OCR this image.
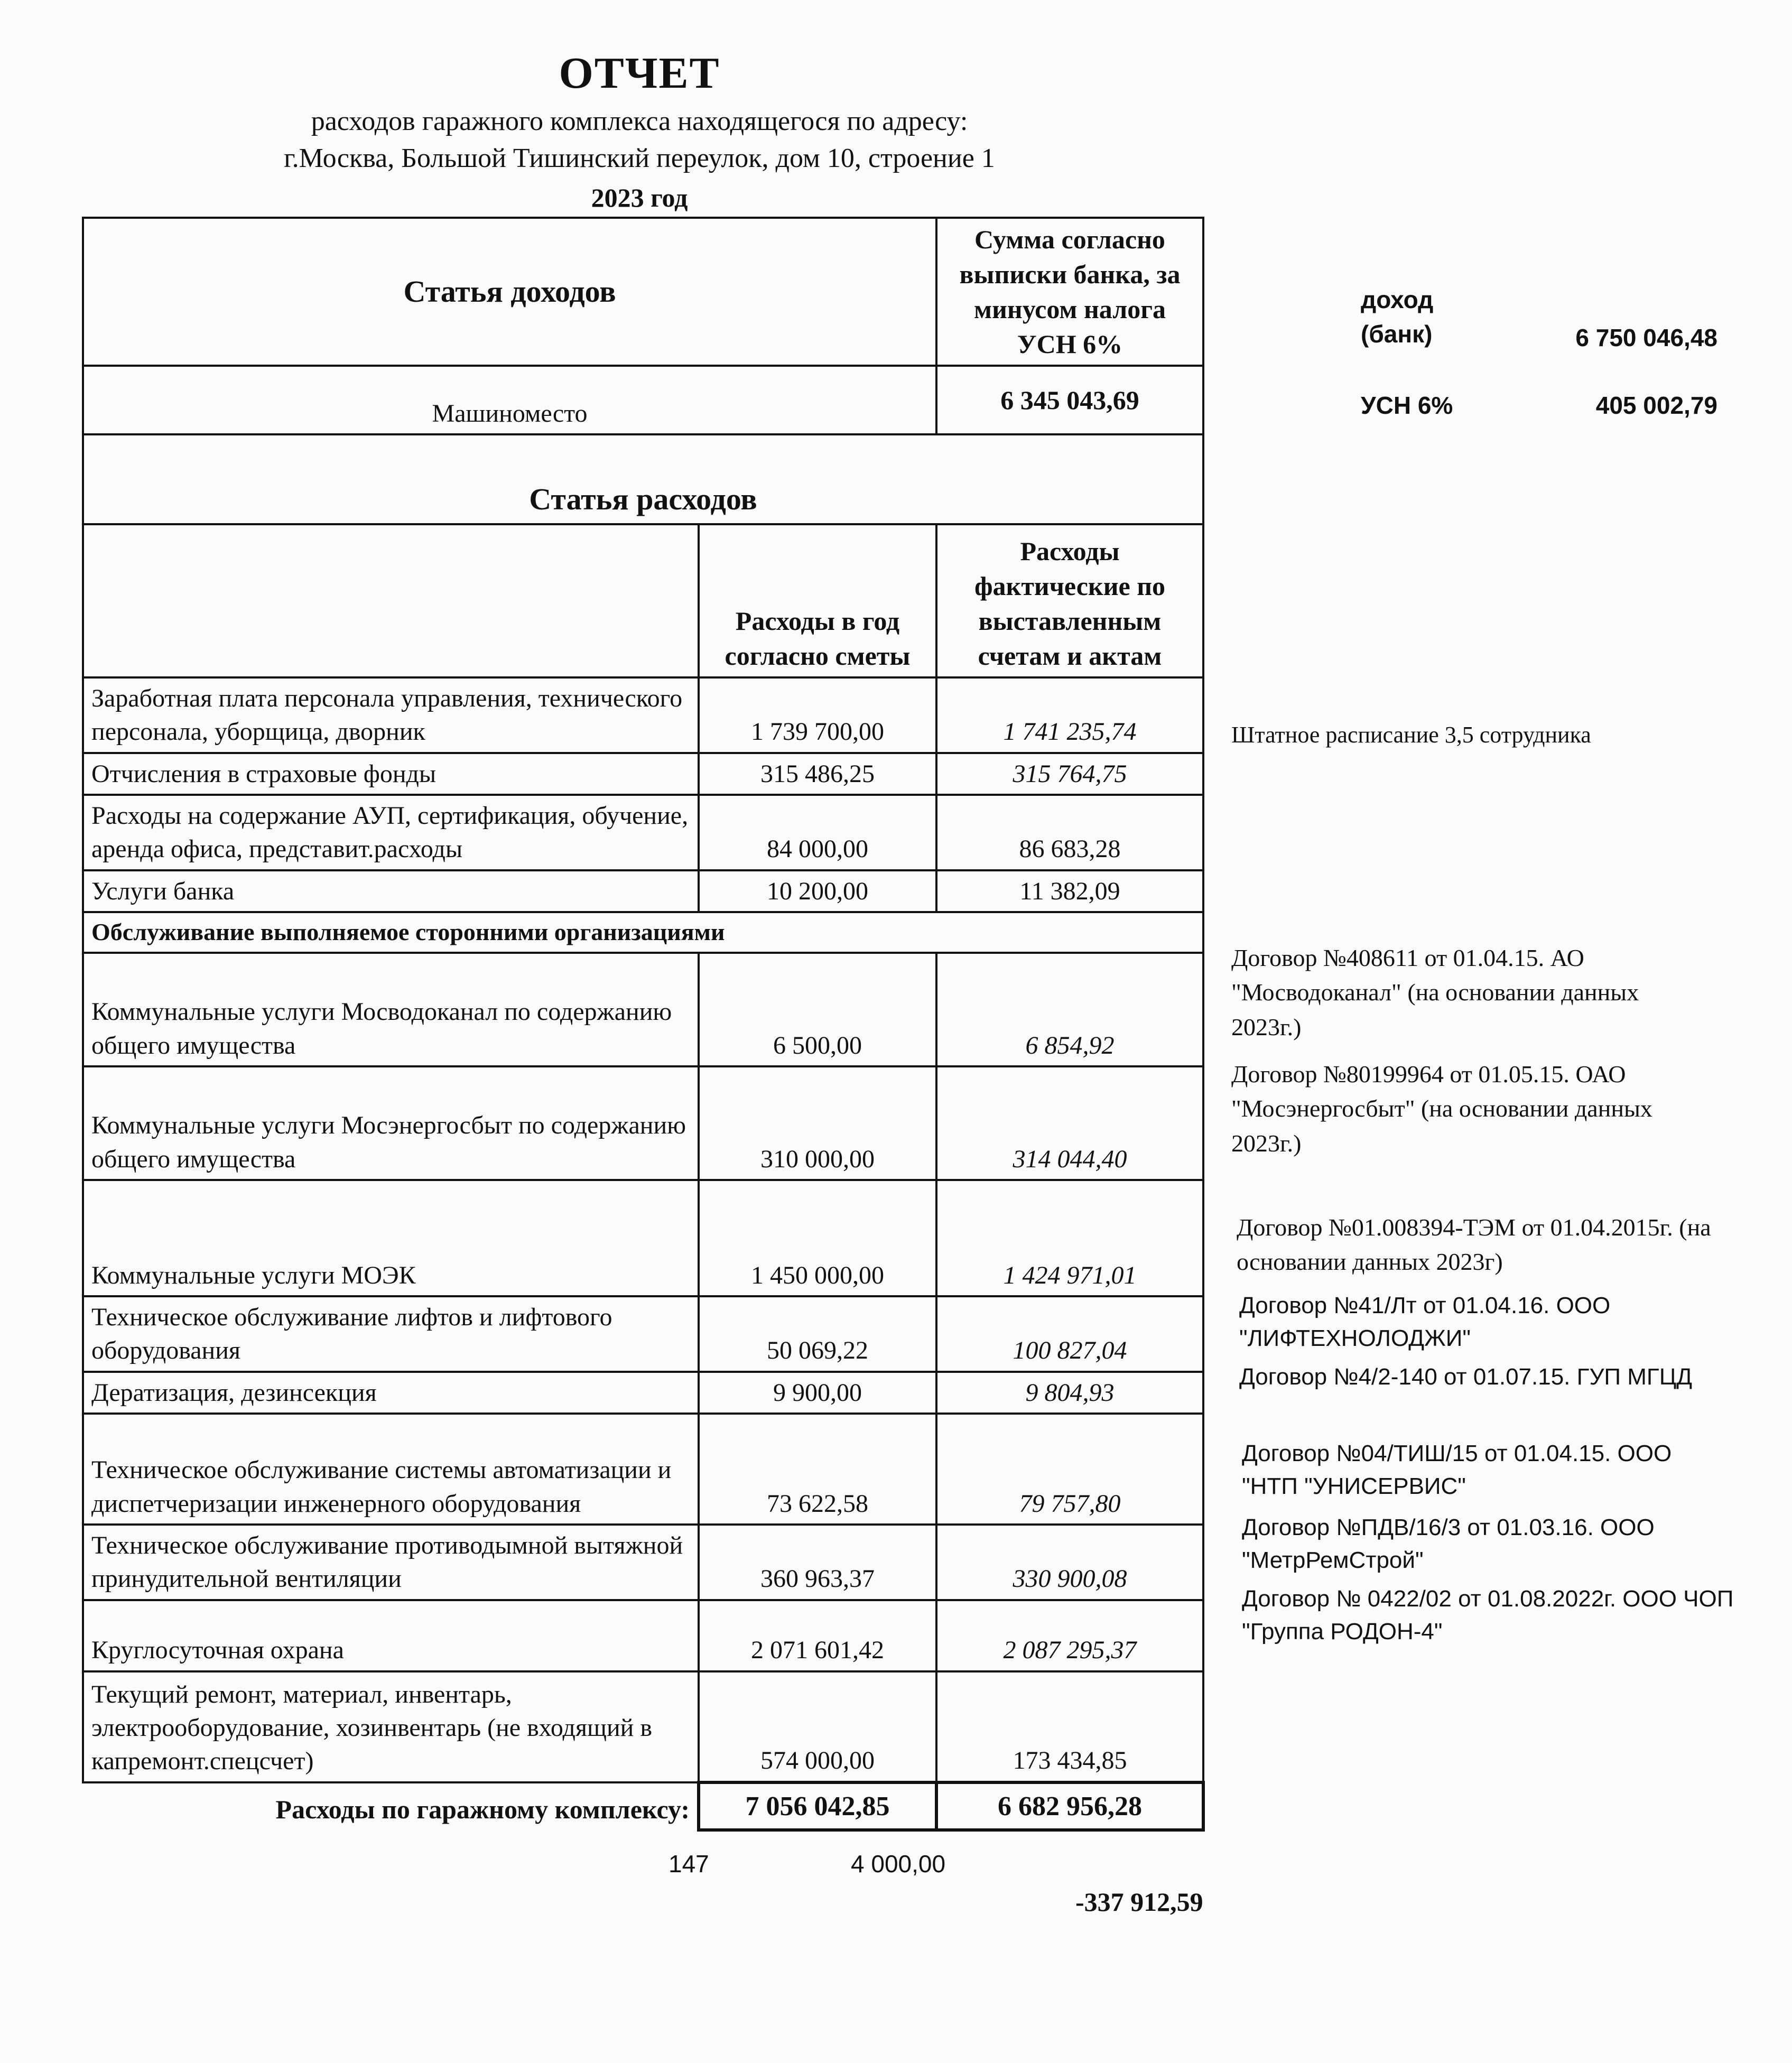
ОТЧЕТ
расходов гаражного комплекса находящегося по адресу:
г.Москва, Большой Тишинский переулок, дом 10, строение 1
2023 год
Статья доходов		Сумма согласно выписки банка, за минусом налога УСН 6%
Машиноместо		6 345 043,69
Статья расходов		
	Расходы в год согласно сметы	Расходы фактические по выставленным счетам и актам
Заработная плата персонала управления, технического персонала, уборщица, дворник	1 739 700,00	1 741 235,74
Отчисления в страховые фонды	315 486,25	315 764,75
Расходы на содержание АУП, сертификация, обучение, аренда офиса, представит.расходы	84 000,00	86 683,28
Услуги банка	10 200,00	11 382,09
Обслуживание выполняемое сторонними организациями		
Коммунальные услуги Мосводоканал по содержанию общего имущества	6 500,00	6 854,92
Коммунальные услуги Мосэнергосбыт по содержанию общего имущества	310 000,00	314 044,40
Коммунальные услуги МОЭК	1 450 000,00	1 424 971,01
Техническое обслуживание лифтов и лифтового оборудования	50 069,22	100 827,04
Дератизация, дезинсекция	9 900,00	9 804,93
Техническое обслуживание системы автоматизации и диспетчеризации инженерного оборудования	73 622,58	79 757,80
Техническое обслуживание противодымной вытяжной принудительной вентиляции	360 963,37	330 900,08
Круглосуточная охрана	2 071 601,42	2 087 295,37
Текущий ремонт, материал, инвентарь, электрооборудование, хозинвентарь (не входящий в капремонт.спецсчет)	574 000,00	173 434,85
Расходы по гаражному комплексу:	7 056 042,85	6 682 956,28
доход
(банк)	6 750 046,48
УСН 6%	405 002,79
Штатное расписание 3,5 сотрудника
Договор №408611 от 01.04.15. АО "Мосводоканал" (на основании данных 2023г.)
Договор №80199964 от 01.05.15. ОАО "Мосэнергосбыт" (на основании данных 2023г.)
Договор №01.008394-ТЭМ от 01.04.2015г. (на основании данных 2023г)
Договор №41/Лт от 01.04.16. ООО "ЛИФТЕХНОЛОДЖИ"
Договор №4/2-140 от 01.07.15. ГУП МГЦД
Договор №04/ТИШ/15 от 01.04.15. ООО "НТП "УНИСЕРВИС"
Договор №ПДВ/16/3 от 01.03.16. ООО "МетрРемСтрой"
Договор № 0422/02 от 01.08.2022г. ООО ЧОП "Группа РОДОН-4"
147	4 000,00
-337 912,59
